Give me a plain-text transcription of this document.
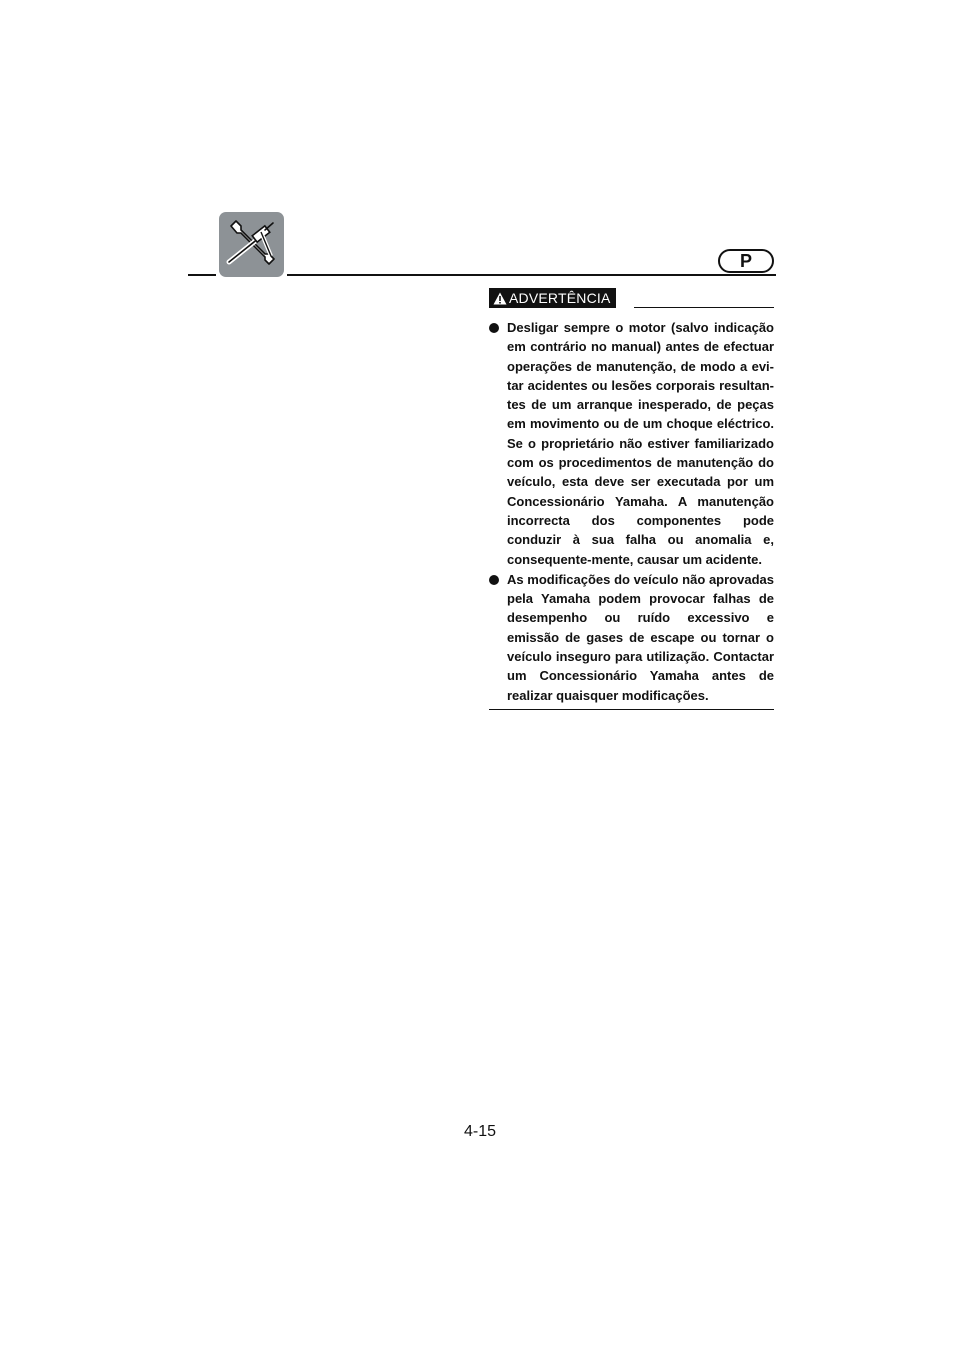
P
ADVERTÊNCIA
Desligar sempre o motor (salvo indicação em contrário no manual) antes de efectuar operações de manutenção, de modo a evi-tar acidentes ou lesões corporais resultan-tes de um arranque inesperado, de peças em movimento ou de um choque eléctrico. Se o proprietário não estiver familiarizado com os procedimentos de manutenção do veículo, esta deve ser executada por um Concessionário Yamaha. A manutenção incorrecta dos componentes pode conduzir à sua falha ou anomalia e, consequente-mente, causar um acidente.
As modificações do veículo não aprovadas pela Yamaha podem provocar falhas de desempenho ou ruído excessivo e emissão de gases de escape ou tornar o veículo inseguro para utilização. Contactar um Concessionário Yamaha antes de realizar quaisquer modificações.
4-15
